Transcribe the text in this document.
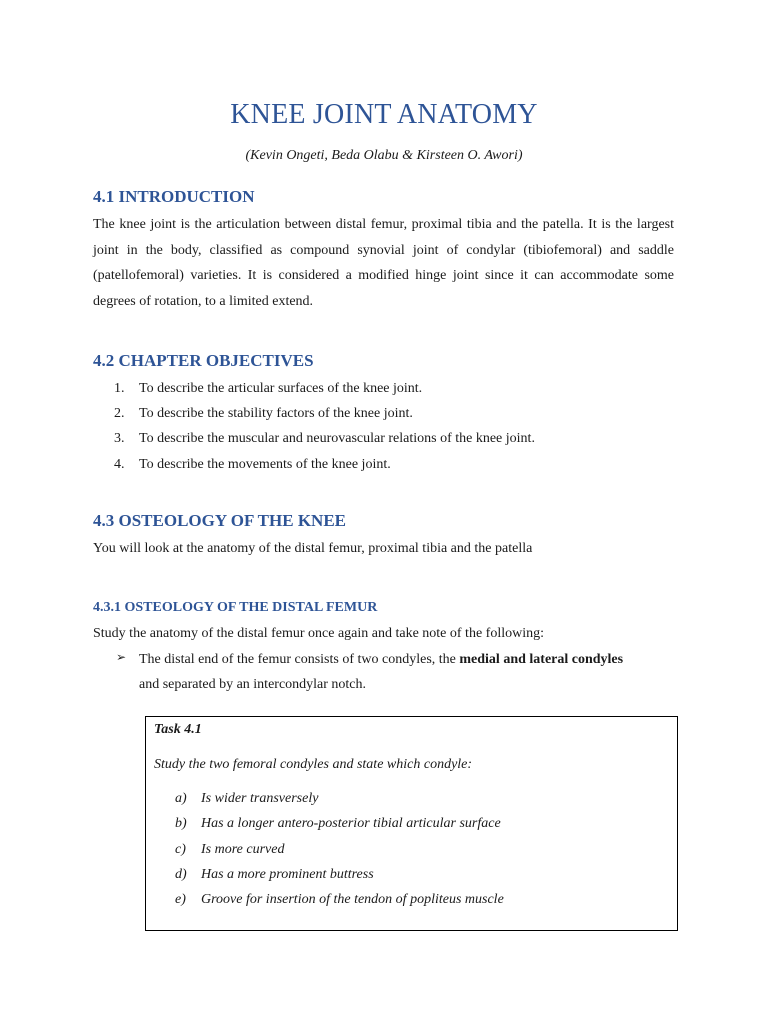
KNEE JOINT ANATOMY
(Kevin Ongeti, Beda Olabu & Kirsteen O. Awori)
4.1 INTRODUCTION
The knee joint is the articulation between distal femur, proximal tibia and the patella. It is the largest joint in the body, classified as compound synovial joint of condylar (tibiofemoral) and saddle (patellofemoral) varieties. It is considered a modified hinge joint since it can accommodate some degrees of rotation, to a limited extend.
4.2 CHAPTER OBJECTIVES
1. To describe the articular surfaces of the knee joint.
2. To describe the stability factors of the knee joint.
3. To describe the muscular and neurovascular relations of the knee joint.
4. To describe the movements of the knee joint.
4.3 OSTEOLOGY OF THE KNEE
You will look at the anatomy of the distal femur, proximal tibia and the patella
4.3.1 OSTEOLOGY OF THE DISTAL FEMUR
Study the anatomy of the distal femur once again and take note of the following:
➢ The distal end of the femur consists of two condyles, the medial and lateral condyles
and separated by an intercondylar notch.
Task 4.1
Study the two femoral condyles and state which condyle:
a) Is wider transversely
b) Has a longer antero-posterior tibial articular surface
c) Is more curved
d) Has a more prominent buttress
e) Groove for insertion of the tendon of popliteus muscle
